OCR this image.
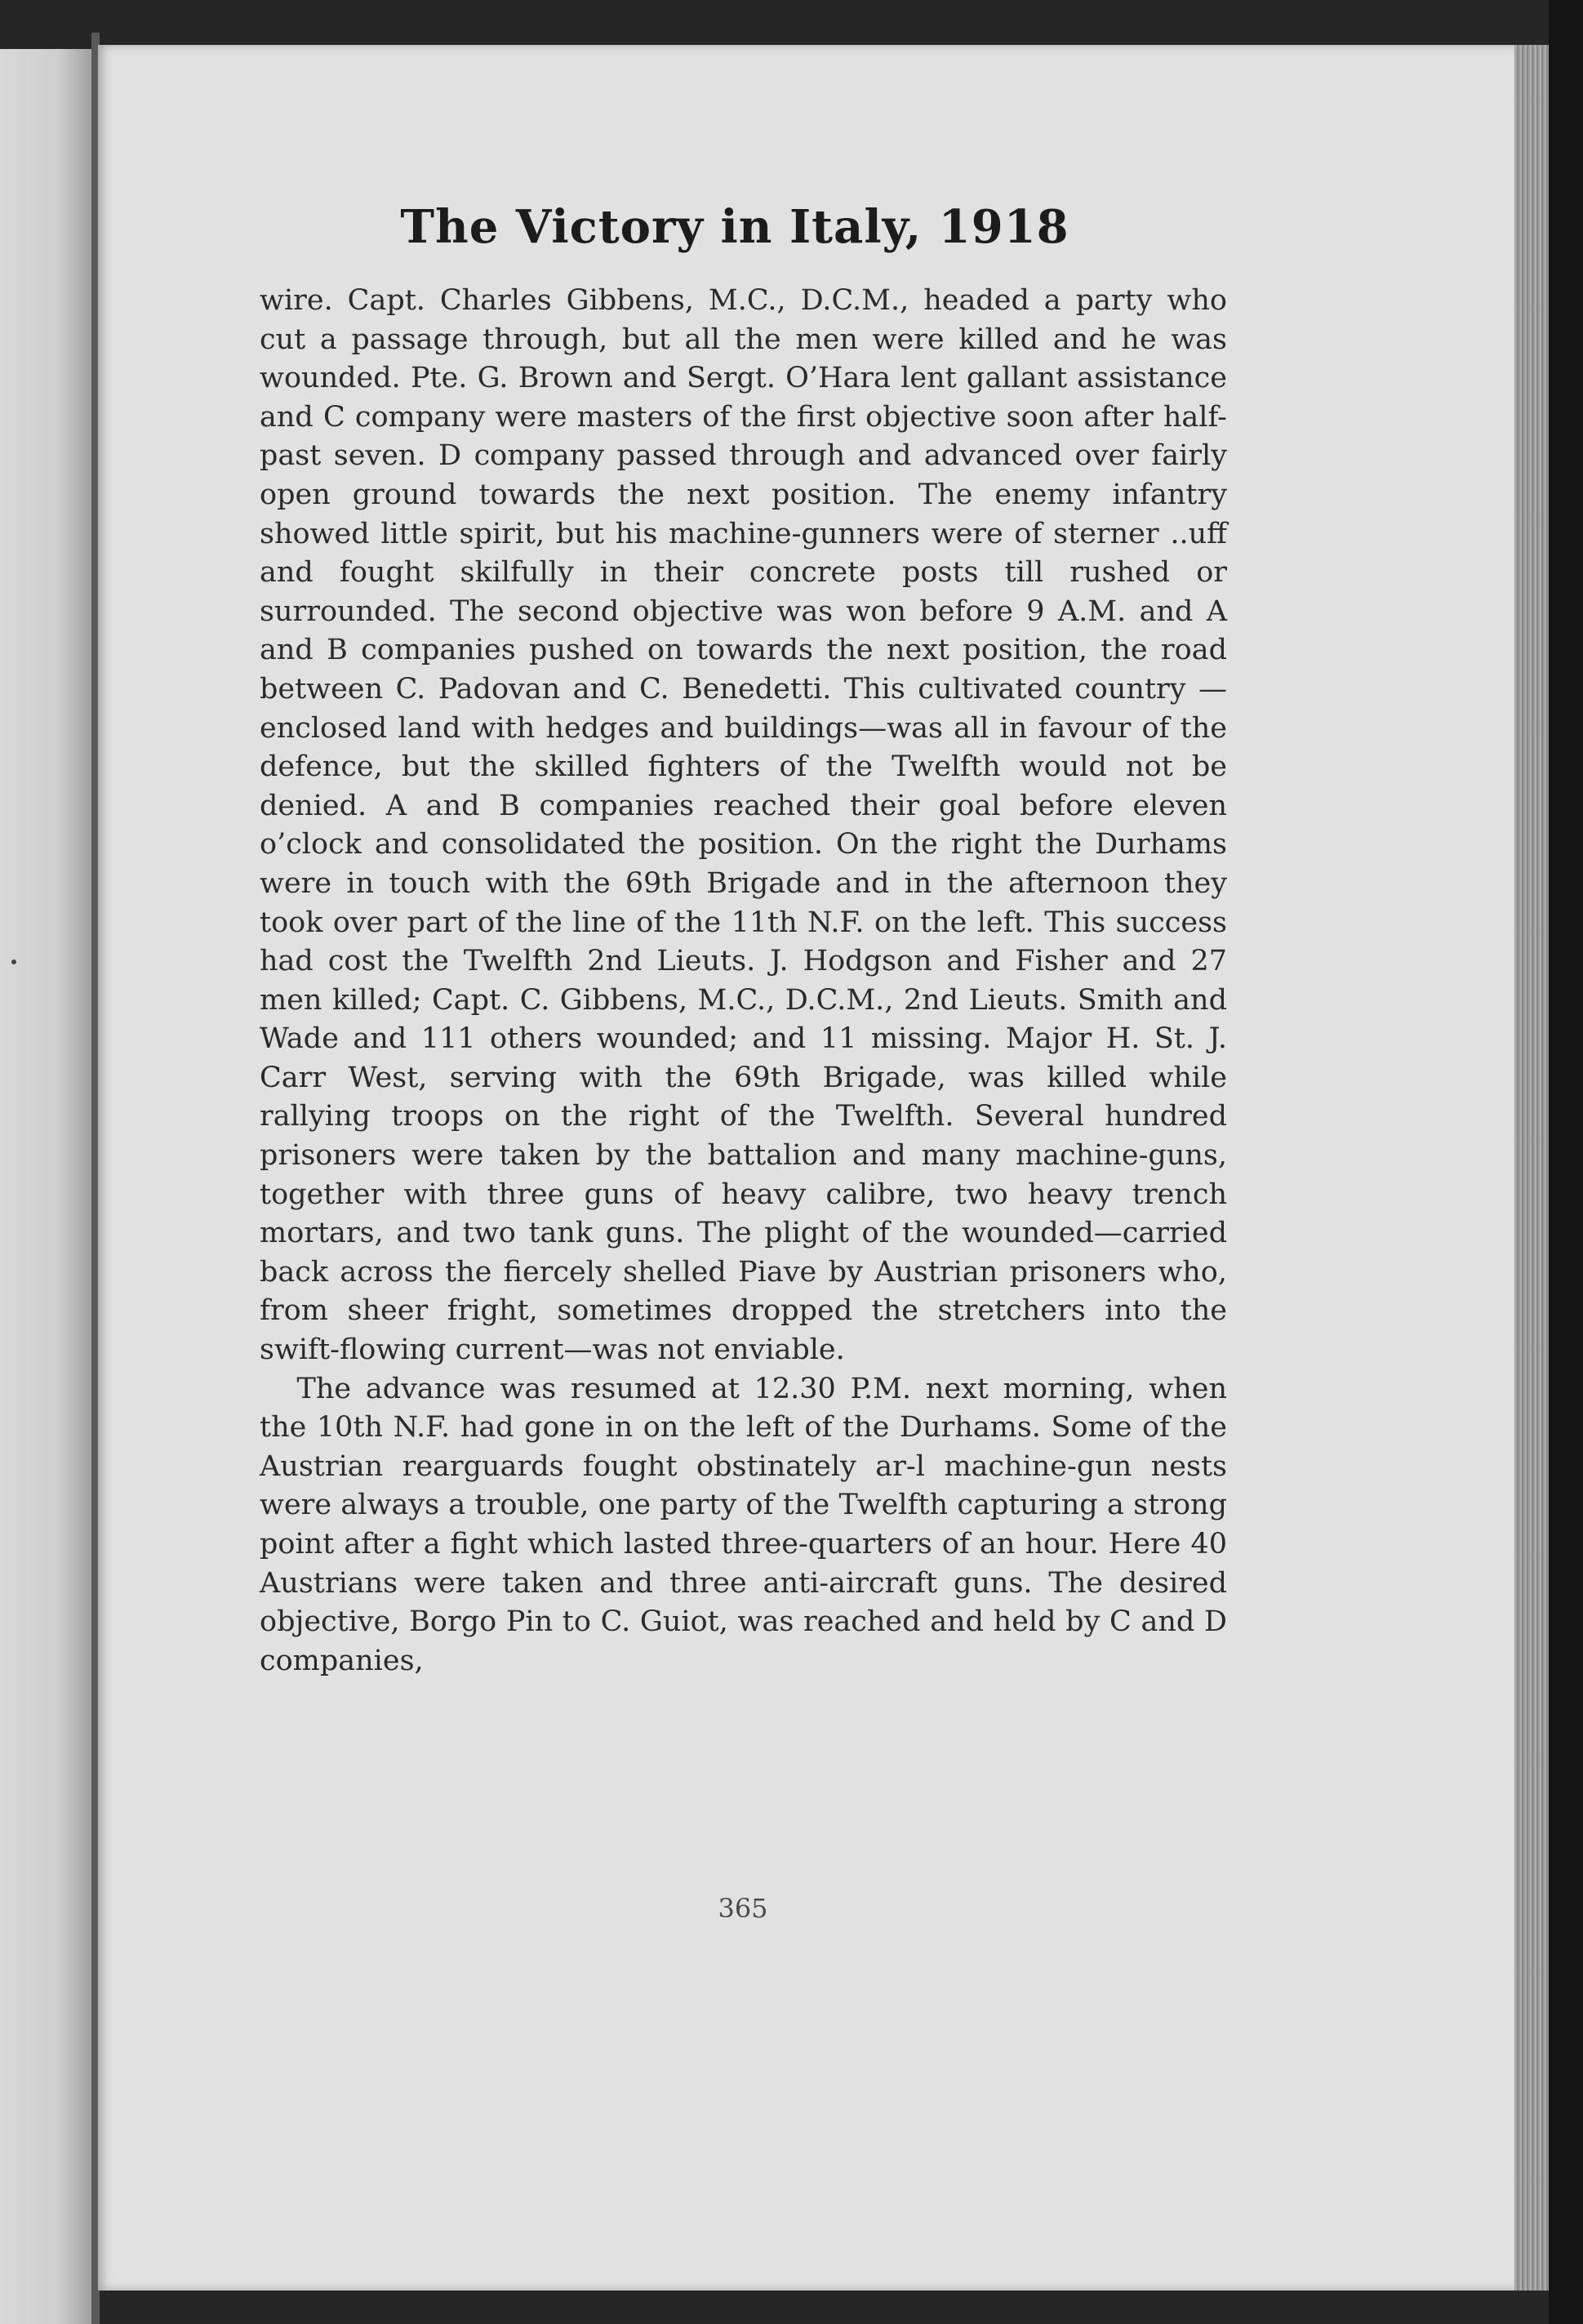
The Victory in Italy, 1918

wire. Capt. Charles Gibbens, M.C., D.C.M., headed a party who cut a passage through, but all the men were killed and he was wounded. Pte. G. Brown and Sergt. O’Hara lent gallant assistance and C company were masters of the first objective soon after half-past seven. D company passed through and advanced over fairly open ground towards the next position. The enemy infantry showed little spirit, but his machine-gunners were of sterner ..uff and fought skilfully in their concrete posts till rushed or surrounded. The second objective was won before 9 A.M. and A and B companies pushed on towards the next position, the road between C. Padovan and C. Benedetti. This cultivated country —enclosed land with hedges and buildings—was all in favour of the defence, but the skilled fighters of the Twelfth would not be denied. A and B companies reached their goal before eleven o’clock and consolidated the position. On the right the Durhams were in touch with the 69th Brigade and in the afternoon they took over part of the line of the 11th N.F. on the left. This success had cost the Twelfth 2nd Lieuts. J. Hodgson and Fisher and 27 men killed; Capt. C. Gibbens, M.C., D.C.M., 2nd Lieuts. Smith and Wade and 111 others wounded; and 11 missing. Major H. St. J. Carr West, serving with the 69th Brigade, was killed while rallying troops on the right of the Twelfth. Several hundred prisoners were taken by the battalion and many machine-guns, together with three guns of heavy calibre, two heavy trench mortars, and two tank guns. The plight of the wounded—carried back across the fiercely shelled Piave by Austrian prisoners who, from sheer fright, sometimes dropped the stretchers into the swift-flowing current—was not enviable.

The advance was resumed at 12.30 P.M. next morning, when the 10th N.F. had gone in on the left of the Durhams. Some of the Austrian rearguards fought obstinately ar‑l machine-gun nests were always a trouble, one party of the Twelfth capturing a strong point after a fight which lasted three-quarters of an hour. Here 40 Austrians were taken and three anti-aircraft guns. The desired objective, Borgo Pin to C. Guiot, was reached and held by C and D companies,

365
